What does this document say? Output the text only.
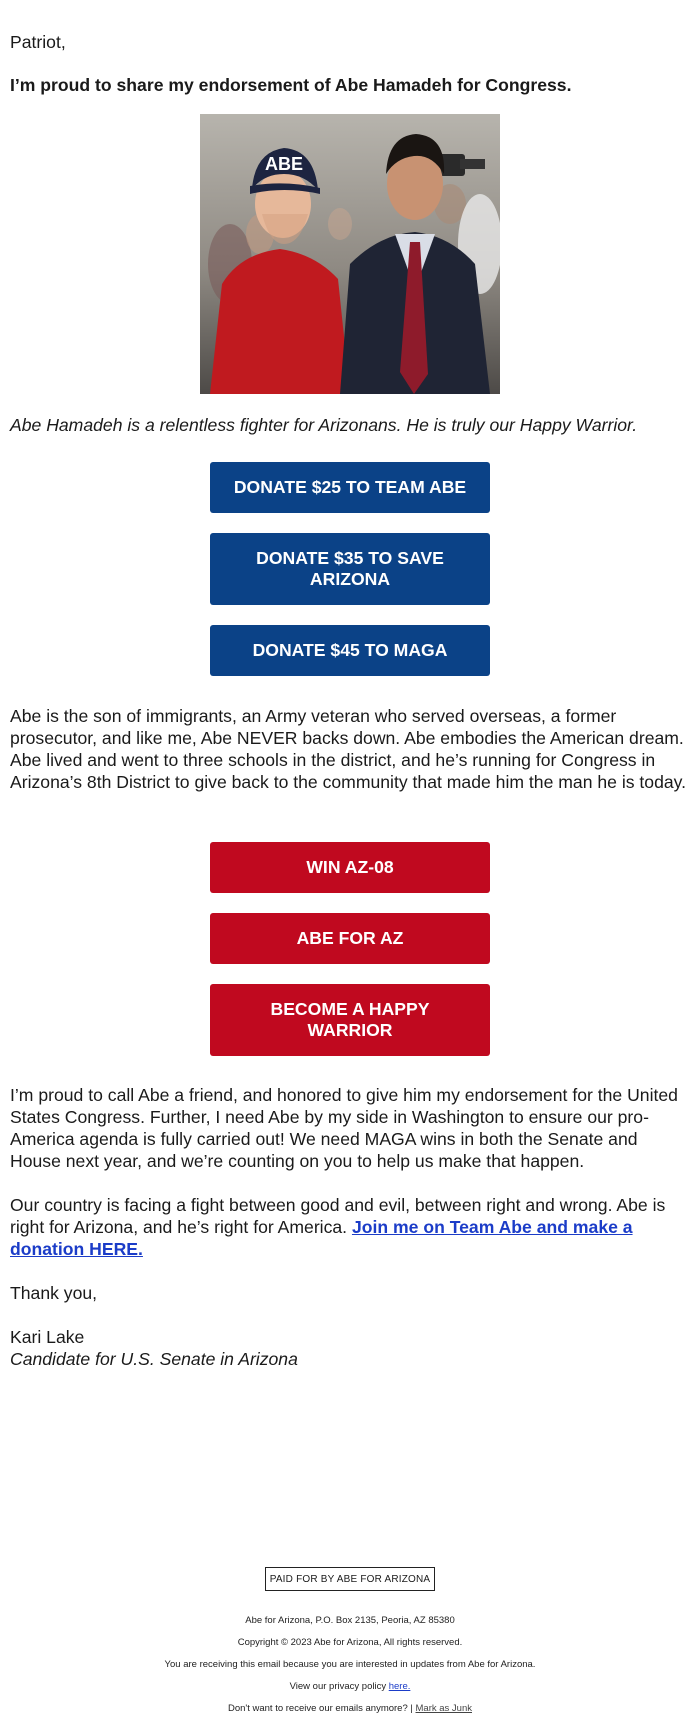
Patriot,

I’m proud to share my endorsement of Abe Hamadeh for Congress.

ABE

Abe Hamadeh is a relentless fighter for Arizonans. He is truly our Happy Warrior.

DONATE $25 TO TEAM ABE
DONATE $35 TO SAVE ARIZONA
DONATE $45 TO MAGA

Abe is the son of immigrants, an Army veteran who served overseas, a former prosecutor, and like me, Abe NEVER backs down. Abe embodies the American dream. Abe lived and went to three schools in the district, and he’s running for Congress in Arizona’s 8th District to give back to the community that made him the man he is today.

WIN AZ-08
ABE FOR AZ
BECOME A HAPPY WARRIOR

I’m proud to call Abe a friend, and honored to give him my endorsement for the United States Congress. Further, I need Abe by my side in Washington to ensure our pro-America agenda is fully carried out! We need MAGA wins in both the Senate and House next year, and we’re counting on you to help us make that happen.

Our country is facing a fight between good and evil, between right and wrong. Abe is right for Arizona, and he’s right for America. Join me on Team Abe and make a donation HERE.

Thank you,

Kari Lake

Candidate for U.S. Senate in Arizona

PAID FOR BY ABE FOR ARIZONA
Abe for Arizona, P.O. Box 2135, Peoria, AZ 85380
Copyright © 2023 Abe for Arizona, All rights reserved.
You are receiving this email because you are interested in updates from Abe for Arizona.
View our privacy policy here.
Don't want to receive our emails anymore? | Mark as Junk
